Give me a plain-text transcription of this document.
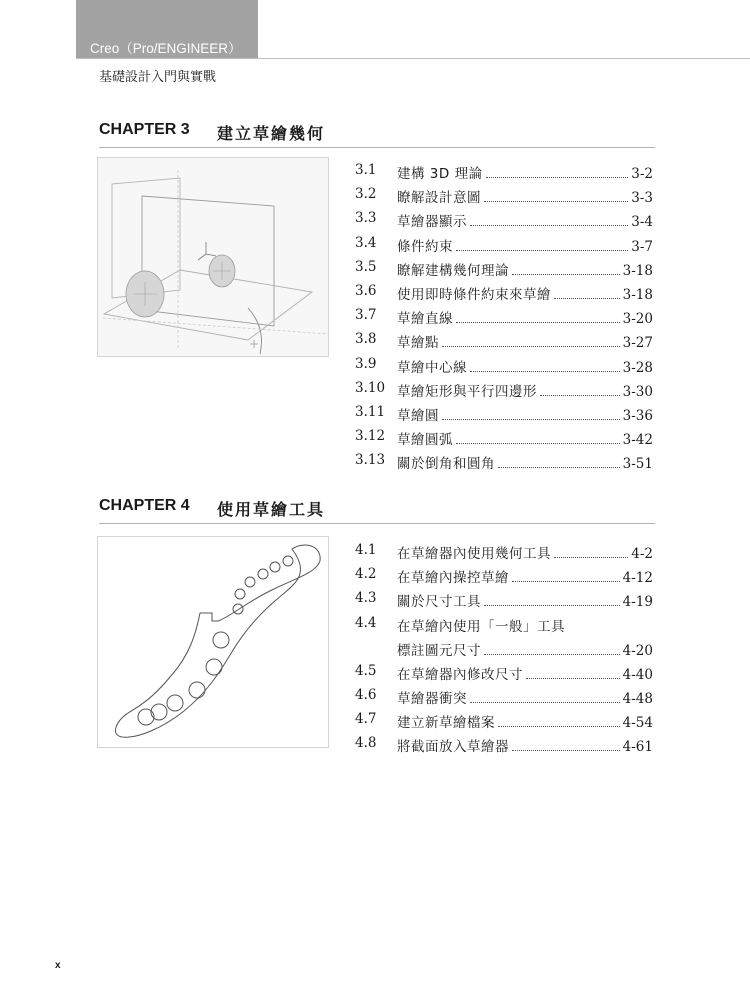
Creo（Pro/ENGINEER）
基礎設計入門與實戰
CHAPTER 3 建立草繪幾何
3.1 建構 3D 理論	3-2
3.2 瞭解設計意圖	3-3
3.3 草繪器顯示	3-4
3.4 條件約束	3-7
3.5 瞭解建構幾何理論	3-18
3.6 使用即時條件約束來草繪	3-18
3.7 草繪直線	3-20
3.8 草繪點	3-27
3.9 草繪中心線	3-28
3.10 草繪矩形與平行四邊形	3-30
3.11 草繪圓	3-36
3.12 草繪圓弧	3-42
3.13 關於倒角和圓角	3-51
CHAPTER 4 使用草繪工具
4.1 在草繪器內使用幾何工具	4-2
4.2 在草繪內操控草繪	4-12
4.3 關於尺寸工具	4-19
4.4 在草繪內使用「一般」工具
標註圖元尺寸	4-20
4.5 在草繪器內修改尺寸	4-40
4.6 草繪器衝突	4-48
4.7 建立新草繪檔案	4-54
4.8 將截面放入草繪器	4-61
x
